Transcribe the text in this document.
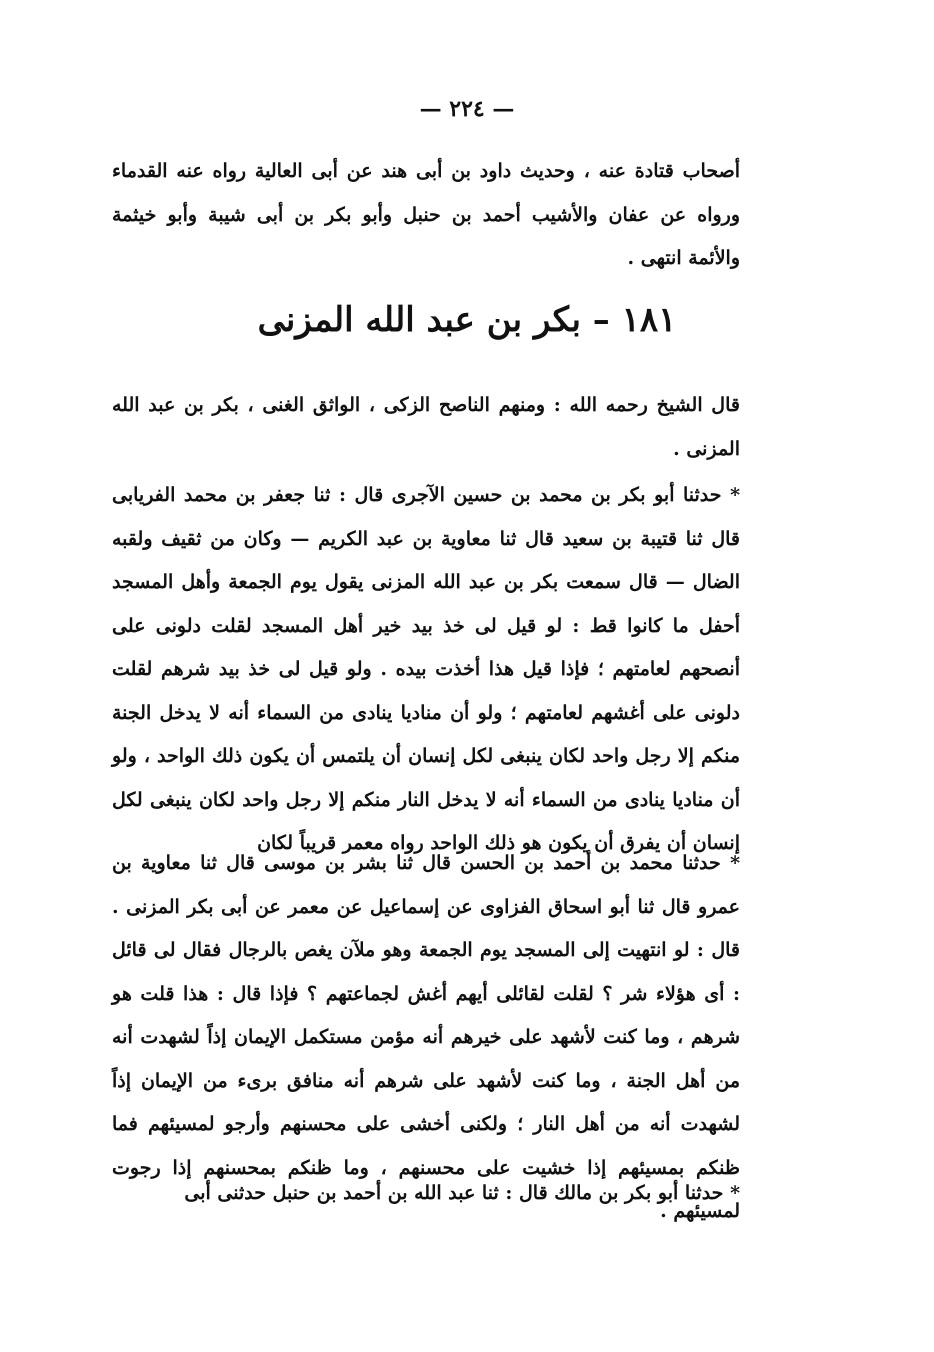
— ٢٢٤ —

أصحاب قتادة عنه ، وحديث داود بن أبى هند عن أبى العالية رواه عنه القدماء ورواه عن عفان والأشيب أحمد بن حنبل وأبو بكر بن أبى شيبة وأبو خيثمة والأئمة انتهى .

١٨١ – بكر بن عبد الله المزنى

قال الشيخ رحمه الله : ومنهم الناصح الزكى ، الواثق الغنى ، بكر بن عبد الله المزنى .

* حدثنا أبو بكر بن محمد بن حسين الآجرى قال : ثنا جعفر بن محمد الفريابى قال ثنا قتيبة بن سعيد قال ثنا معاوية بن عبد الكريم — وكان من ثقيف ولقبه الضال — قال سمعت بكر بن عبد الله المزنى يقول يوم الجمعة وأهل المسجد أحفل ما كانوا قط : لو قيل لى خذ بيد خير أهل المسجد لقلت دلونى على أنصحهم لعامتهم ؛ فإذا قيل هذا أخذت بيده . ولو قيل لى خذ بيد شرهم لقلت دلونى على أغشهم لعامتهم ؛ ولو أن مناديا ينادى من السماء أنه لا يدخل الجنة منكم إلا رجل واحد لكان ينبغى لكل إنسان أن يلتمس أن يكون ذلك الواحد ، ولو أن مناديا ينادى من السماء أنه لا يدخل النار منكم إلا رجل واحد لكان ينبغى لكل إنسان أن يفرق أن يكون هو ذلك الواحد رواه معمر قريباً لكان

* حدثنا محمد بن أحمد بن الحسن قال ثنا بشر بن موسى قال ثنا معاوية بن عمرو قال ثنا أبو اسحاق الفزاوى عن إسماعيل عن معمر عن أبى بكر المزنى . قال : لو انتهيت إلى المسجد يوم الجمعة وهو ملآن يغص بالرجال فقال لى قائل : أى هؤلاء شر ؟ لقلت لقائلى أيهم أغش لجماعتهم ؟ فإذا قال : هذا قلت هو شرهم ، وما كنت لأشهد على خيرهم أنه مؤمن مستكمل الإيمان إذاً لشهدت أنه من أهل الجنة ، وما كنت لأشهد على شرهم أنه منافق برىء من الإيمان إذاً لشهدت أنه من أهل النار ؛ ولكنى أخشى على محسنهم وأرجو لمسيئهم فما ظنكم بمسيئهم إذا خشيت على محسنهم ، وما ظنكم بمحسنهم إذا رجوت لمسيئهم .

* حدثنا أبو بكر بن مالك قال : ثنا عبد الله بن أحمد بن حنبل حدثنى أبى
